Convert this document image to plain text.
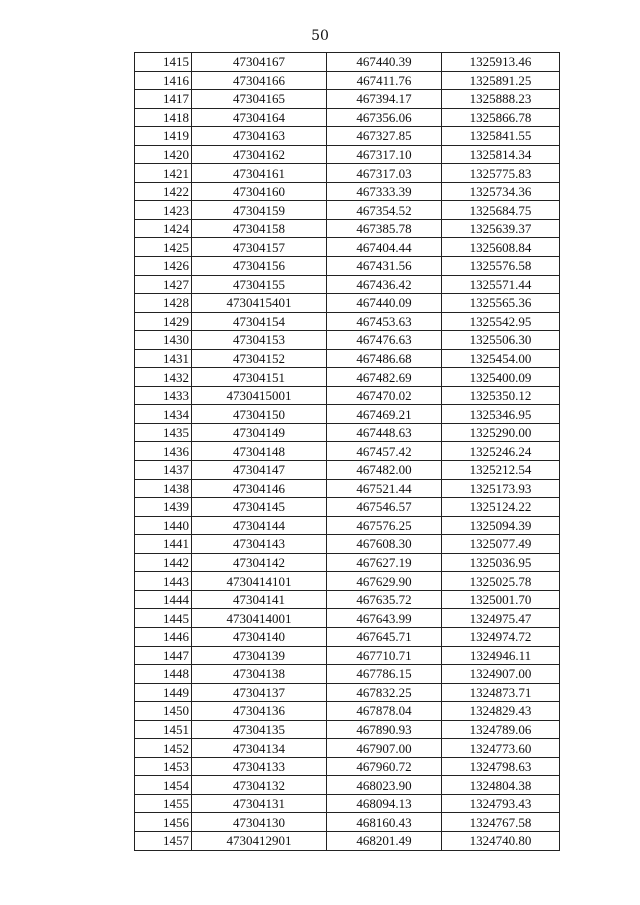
50
1415	47304167	467440.39	1325913.46
1416	47304166	467411.76	1325891.25
1417	47304165	467394.17	1325888.23
1418	47304164	467356.06	1325866.78
1419	47304163	467327.85	1325841.55
1420	47304162	467317.10	1325814.34
1421	47304161	467317.03	1325775.83
1422	47304160	467333.39	1325734.36
1423	47304159	467354.52	1325684.75
1424	47304158	467385.78	1325639.37
1425	47304157	467404.44	1325608.84
1426	47304156	467431.56	1325576.58
1427	47304155	467436.42	1325571.44
1428	4730415401	467440.09	1325565.36
1429	47304154	467453.63	1325542.95
1430	47304153	467476.63	1325506.30
1431	47304152	467486.68	1325454.00
1432	47304151	467482.69	1325400.09
1433	4730415001	467470.02	1325350.12
1434	47304150	467469.21	1325346.95
1435	47304149	467448.63	1325290.00
1436	47304148	467457.42	1325246.24
1437	47304147	467482.00	1325212.54
1438	47304146	467521.44	1325173.93
1439	47304145	467546.57	1325124.22
1440	47304144	467576.25	1325094.39
1441	47304143	467608.30	1325077.49
1442	47304142	467627.19	1325036.95
1443	4730414101	467629.90	1325025.78
1444	47304141	467635.72	1325001.70
1445	4730414001	467643.99	1324975.47
1446	47304140	467645.71	1324974.72
1447	47304139	467710.71	1324946.11
1448	47304138	467786.15	1324907.00
1449	47304137	467832.25	1324873.71
1450	47304136	467878.04	1324829.43
1451	47304135	467890.93	1324789.06
1452	47304134	467907.00	1324773.60
1453	47304133	467960.72	1324798.63
1454	47304132	468023.90	1324804.38
1455	47304131	468094.13	1324793.43
1456	47304130	468160.43	1324767.58
1457	4730412901	468201.49	1324740.80
